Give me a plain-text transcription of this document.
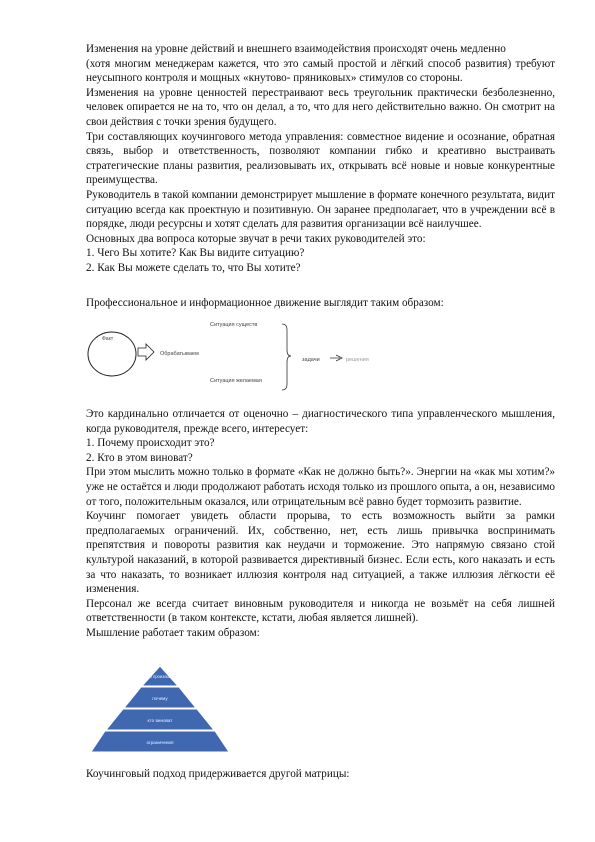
Изменения на уровне действий и внешнего взаимодействия происходят очень медленно

(хотя многим менеджерам кажется, что это самый простой и лёгкий способ развития) требуют неусыпного контроля и мощных «кнутово- пряниковых» стимулов со стороны.

Изменения на уровне ценностей перестраивают весь треугольник практически безболезненно, человек опирается не на то, что он делал, а то, что для него действительно важно. Он смотрит на свои действия с точки зрения будущего.

Три составляющих коучингового метода управления: совместное видение и осознание, обратная связь, выбор и ответственность, позволяют компании гибко и креативно выстраивать стратегические планы развития, реализовывать их, открывать всё новые и новые конкурентные преимущества.

Руководитель в такой компании демонстрирует мышление в формате конечного результата, видит ситуацию всегда как проектную и позитивную. Он заранее предполагает, что в учреждении всё в порядке, люди ресурсны и хотят сделать для развития организации всё наилучшее.

Основных два вопроса которые звучат в речи таких руководителей это:

1. Чего Вы хотите? Как Вы видите ситуацию?

2. Как Вы можете сделать то, что Вы хотите?

Профессиональное и информационное движение выглядит таким образом:

Факт
Обрабатываем
Ситуация существ
Ситуация желаемая
задачи	решения

Это кардинально отличается от оценочно – диагностического типа управленческого мышления, когда руководителя, прежде всего, интересует:

1. Почему происходит это?

2. Кто в этом виноват?

При этом мыслить можно только в формате «Как не должно быть?». Энергии на «как мы хотим?» уже не остаётся и люди продолжают работать исходя только из прошлого опыта, а он, независимо от того, положительным оказался, или отрицательным всё равно будет тормозить развитие.

Коучинг помогает увидеть области прорыва, то есть возможность выйти за рамки предполагаемых ограничений. Их, собственно, нет, есть лишь привычка воспринимать препятствия и повороты развития как неудачи и торможение. Это напрямую связано стой культурой наказаний, в которой развивается директивный бизнес. Если есть, кого наказать и есть за что наказать, то возникает иллюзия контроля над ситуацией, а также иллюзия лёгкости её изменения.

Персонал же всегда считает виновным руководителя и никогда не возьмёт на себя лишней ответственности (в таком контексте, кстати, любая является лишней).

Мышление работает таким образом:

что произошло
почему
кто виноват
ограничения

Коучинговый подход придерживается другой матрицы:
